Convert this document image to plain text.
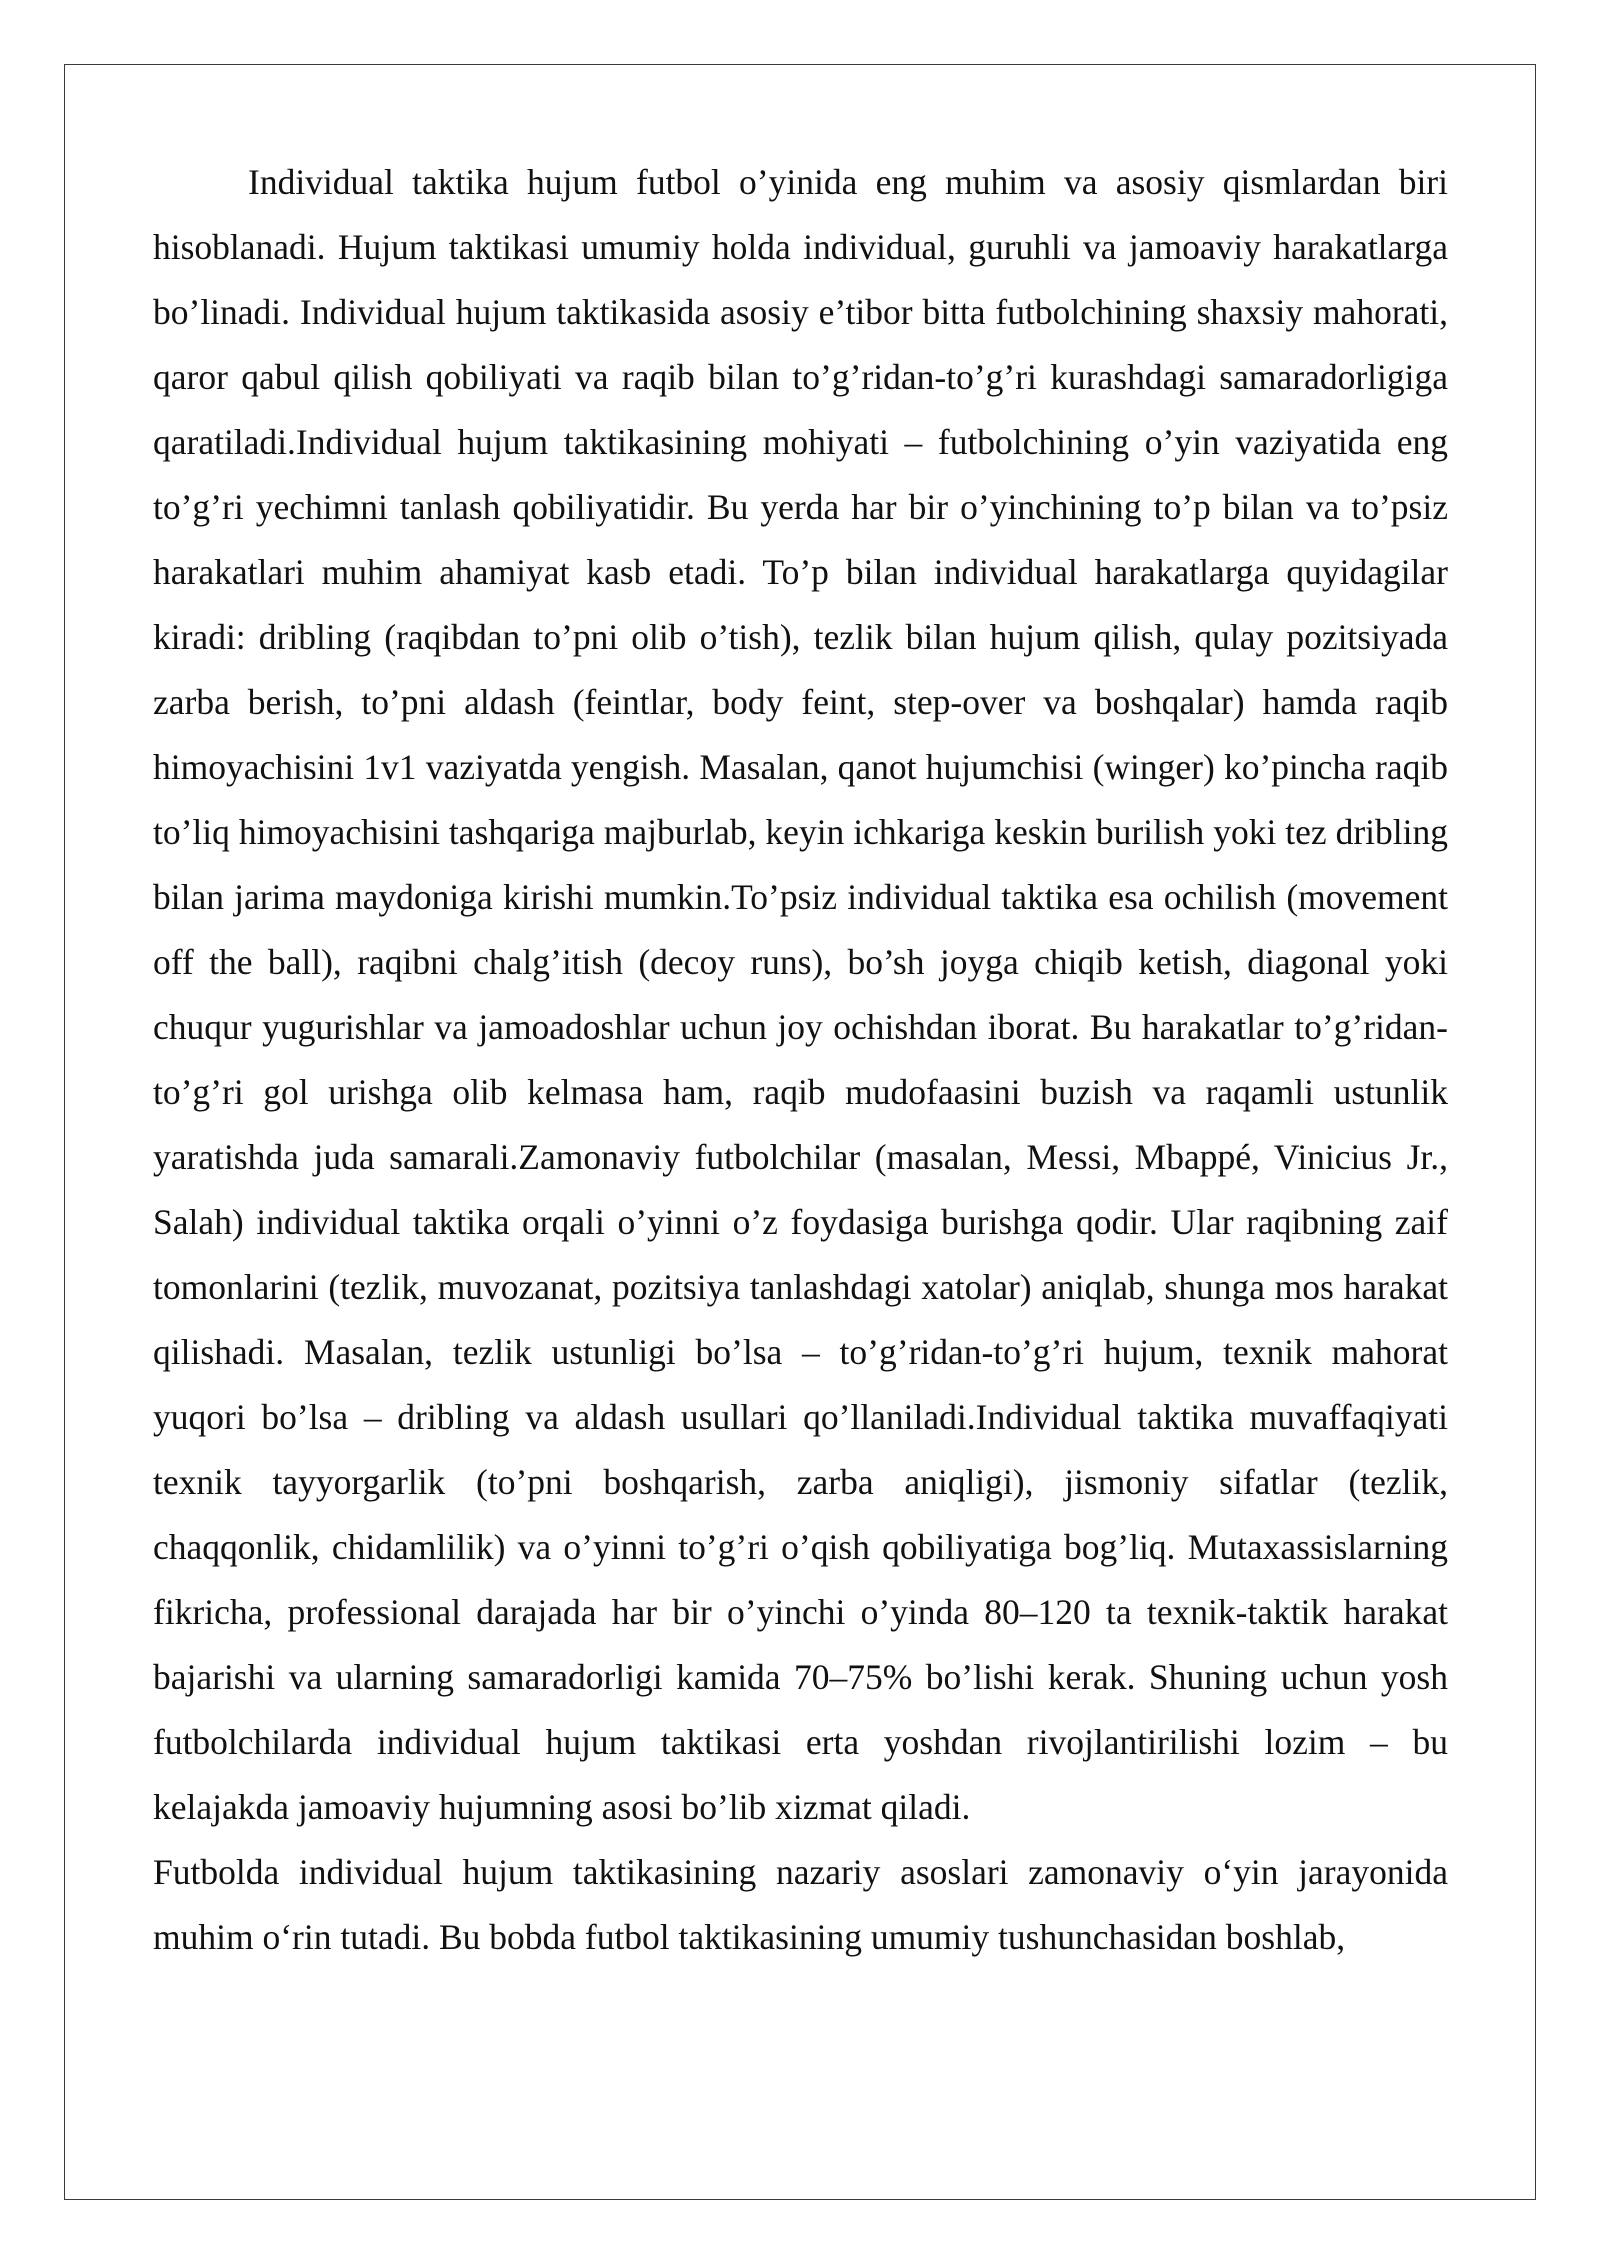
Individual taktika hujum futbol o’yinida eng muhim va asosiy qismlardan biri hisoblanadi. Hujum taktikasi umumiy holda individual, guruhli va jamoaviy harakatlarga bo’linadi. Individual hujum taktikasida asosiy e’tibor bitta futbolchining shaxsiy mahorati, qaror qabul qilish qobiliyati va raqib bilan to’g’ridan-to’g’ri kurashdagi samaradorligiga qaratiladi.Individual hujum taktikasining mohiyati – futbolchining o’yin vaziyatida eng to’g’ri yechimni tanlash qobiliyatidir. Bu yerda har bir o’yinchining to’p bilan va to’psiz harakatlari muhim ahamiyat kasb etadi. To’p bilan individual harakatlarga quyidagilar kiradi: dribling (raqibdan to’pni olib o’tish), tezlik bilan hujum qilish, qulay pozitsiyada zarba berish, to’pni aldash (feintlar, body feint, step-over va boshqalar) hamda raqib himoyachisini 1v1 vaziyatda yengish. Masalan, qanot hujumchisi (winger) ko’pincha raqib to’liq himoyachisini tashqariga majburlab, keyin ichkariga keskin burilish yoki tez dribling bilan jarima maydoniga kirishi mumkin.To’psiz individual taktika esa ochilish (movement off the ball), raqibni chalg’itish (decoy runs), bo’sh joyga chiqib ketish, diagonal yoki chuqur yugurishlar va jamoadoshlar uchun joy ochishdan iborat. Bu harakatlar to’g’ridan-to’g’ri gol urishga olib kelmasa ham, raqib mudofaasini buzish va raqamli ustunlik yaratishda juda samarali.Zamonaviy futbolchilar (masalan, Messi, Mbappé, Vinicius Jr., Salah) individual taktika orqali o’yinni o’z foydasiga burishga qodir. Ular raqibning zaif tomonlarini (tezlik, muvozanat, pozitsiya tanlashdagi xatolar) aniqlab, shunga mos harakat qilishadi. Masalan, tezlik ustunligi bo’lsa – to’g’ridan-to’g’ri hujum, texnik mahorat yuqori bo’lsa – dribling va aldash usullari qo’llaniladi.Individual taktika muvaffaqiyati texnik tayyorgarlik (to’pni boshqarish, zarba aniqligi), jismoniy sifatlar (tezlik, chaqqonlik, chidamlilik) va o’yinni to’g’ri o’qish qobiliyatiga bog’liq. Mutaxassislarning fikricha, professional darajada har bir o’yinchi o’yinda 80–120 ta texnik-taktik harakat bajarishi va ularning samaradorligi kamida 70–75% bo’lishi kerak. Shuning uchun yosh futbolchilarda individual hujum taktikasi erta yoshdan rivojlantirilishi lozim – bu kelajakda jamoaviy hujumning asosi bo’lib xizmat qiladi.

Futbolda individual hujum taktikasining nazariy asoslari zamonaviy o‘yin jarayonida muhim o‘rin tutadi. Bu bobda futbol taktikasining umumiy tushunchasidan boshlab,
